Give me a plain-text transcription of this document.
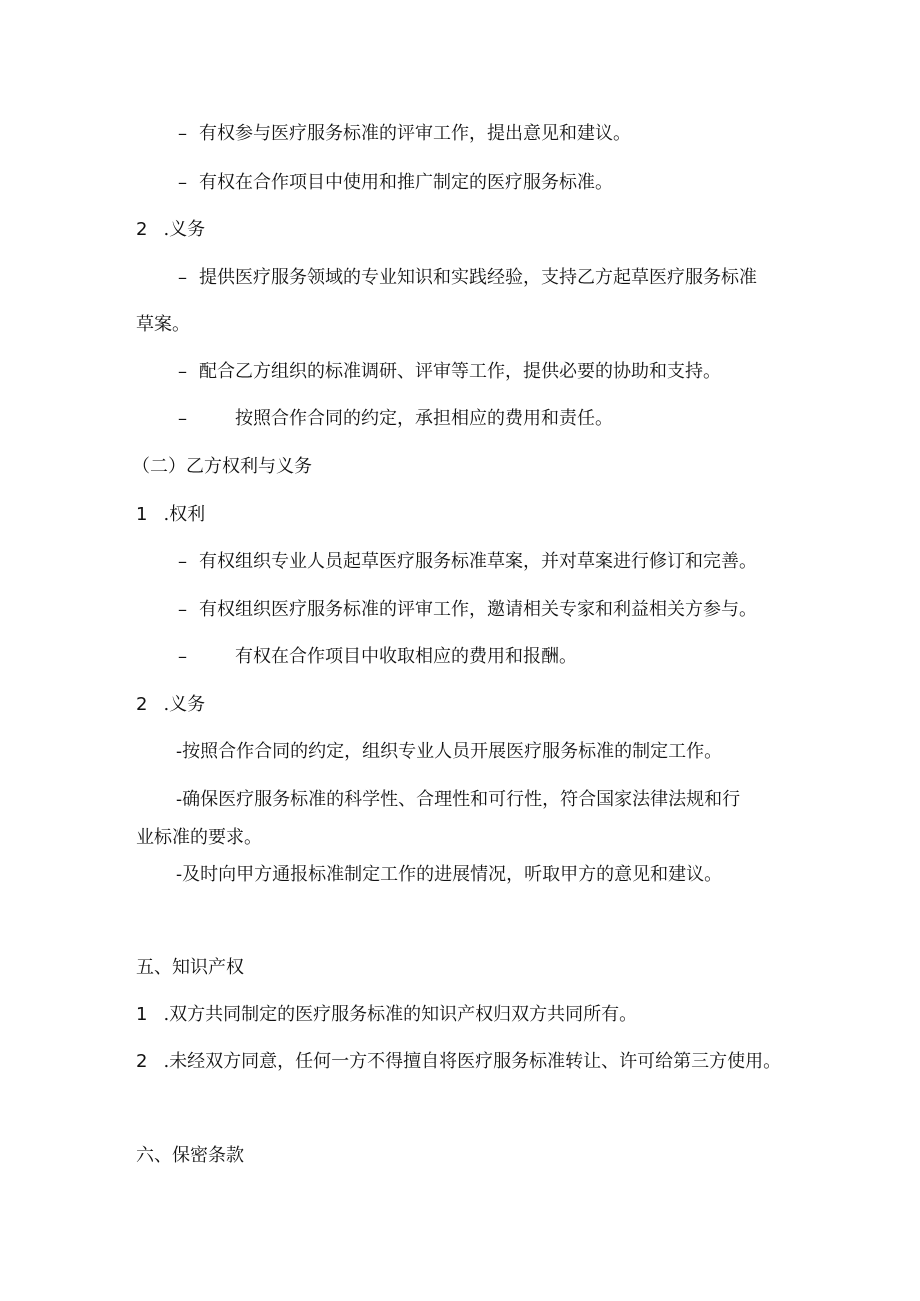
– 有权参与医疗服务标准的评审工作，提出意见和建议。
– 有权在合作项目中使用和推广制定的医疗服务标准。
2 .义务
– 提供医疗服务领域的专业知识和实践经验，支持乙方起草医疗服务标准
草案。
– 配合乙方组织的标准调研、评审等工作，提供必要的协助和支持。
–	按照合作合同的约定，承担相应的费用和责任。
（二）乙方权利与义务
1 .权利
– 有权组织专业人员起草医疗服务标准草案，并对草案进行修订和完善。
– 有权组织医疗服务标准的评审工作，邀请相关专家和利益相关方参与。
–	有权在合作项目中收取相应的费用和报酬。
2 .义务
-按照合作合同的约定，组织专业人员开展医疗服务标准的制定工作。
-确保医疗服务标准的科学性、合理性和可行性，符合国家法律法规和行
业标准的要求。
-及时向甲方通报标准制定工作的进展情况，听取甲方的意见和建议。
五、知识产权
1 .双方共同制定的医疗服务标准的知识产权归双方共同所有。
2 .未经双方同意，任何一方不得擅自将医疗服务标准转让、许可给第三方使用。
六、保密条款
